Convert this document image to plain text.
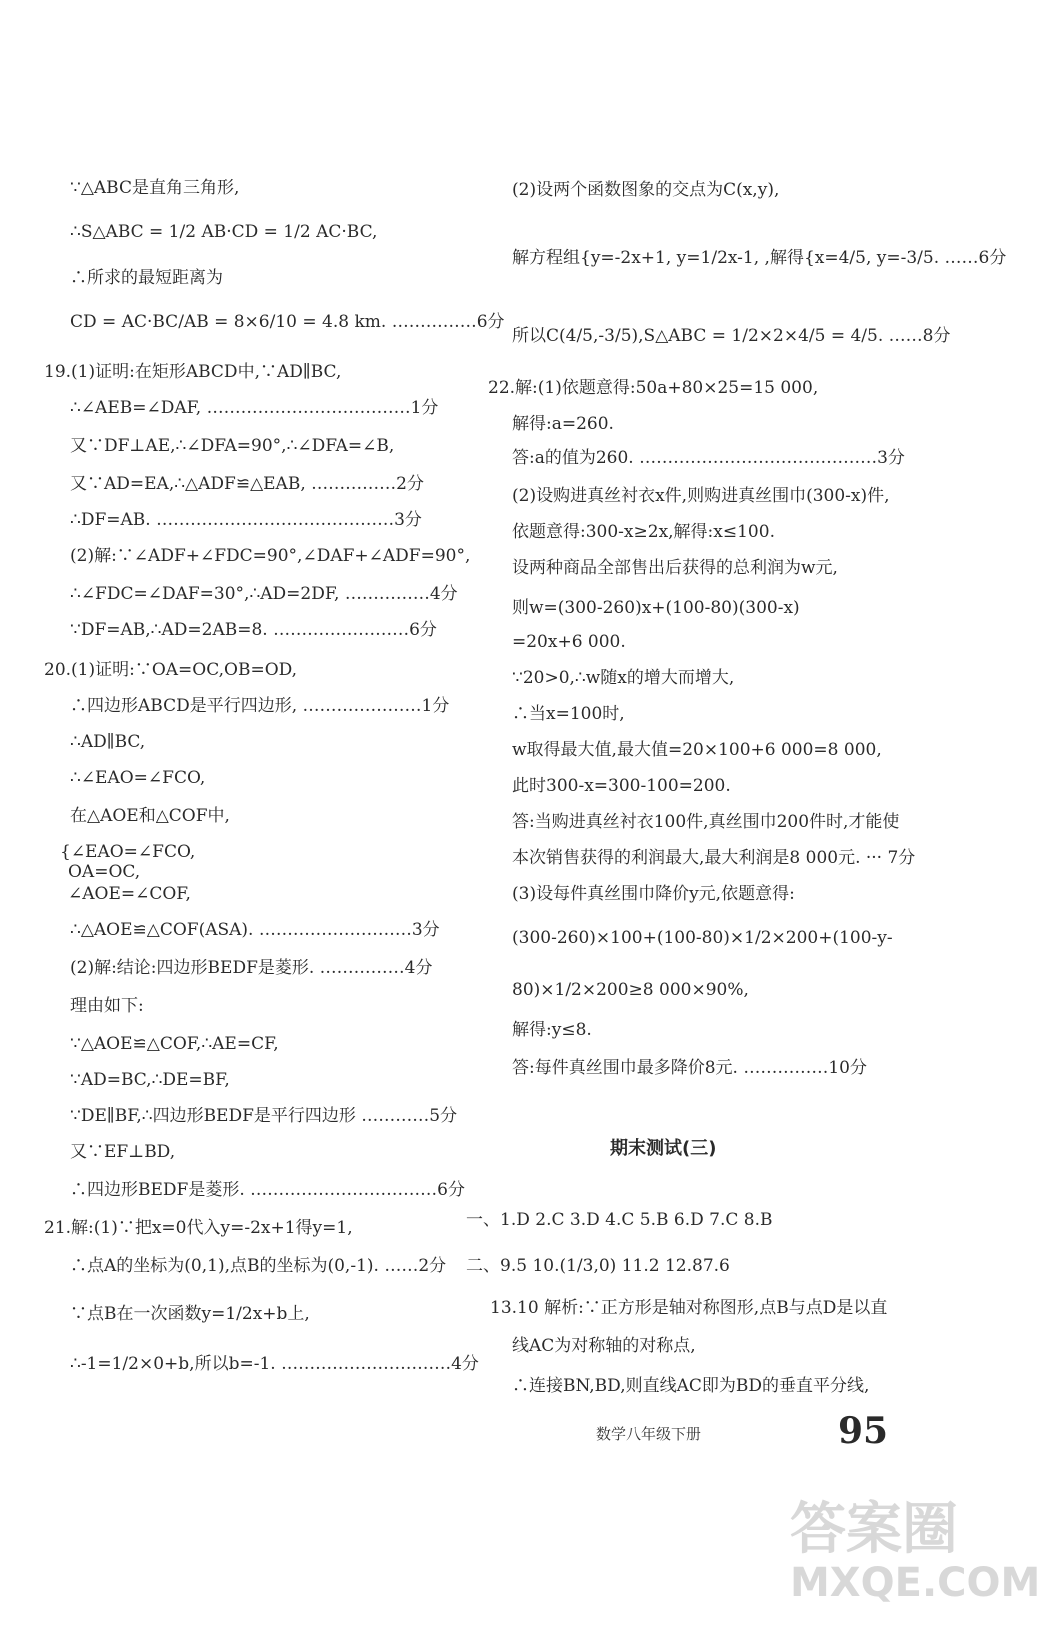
∵△ABC是直角三角形,
∴S△ABC = 1/2 AB·CD = 1/2 AC·BC,
∴所求的最短距离为
CD = AC·BC/AB = 8×6/10 = 4.8 km. ……………6分
19.(1)证明:在矩形ABCD中,∵AD∥BC,
∴∠AEB=∠DAF, ………………………………1分
又∵DF⊥AE,∴∠DFA=90°,∴∠DFA=∠B,
又∵AD=EA,∴△ADF≌△EAB, ……………2分
∴DF=AB. ……………………………………3分
(2)解:∵∠ADF+∠FDC=90°,∠DAF+∠ADF=90°,
∴∠FDC=∠DAF=30°,∴AD=2DF, ……………4分
∵DF=AB,∴AD=2AB=8. ……………………6分
20.(1)证明:∵OA=OC,OB=OD,
∴四边形ABCD是平行四边形, …………………1分
∴AD∥BC,
∴∠EAO=∠FCO,
在△AOE和△COF中,
{∠EAO=∠FCO,
OA=OC,
∠AOE=∠COF,
∴△AOE≌△COF(ASA). ………………………3分
(2)解:结论:四边形BEDF是菱形. ……………4分
理由如下:
∵△AOE≌△COF,∴AE=CF,
∵AD=BC,∴DE=BF,
∵DE∥BF,∴四边形BEDF是平行四边形 …………5分
又∵EF⊥BD,
∴四边形BEDF是菱形. ……………………………6分
21.解:(1)∵把x=0代入y=-2x+1得y=1,
∴点A的坐标为(0,1),点B的坐标为(0,-1). ……2分
∵点B在一次函数y=1/2x+b上,
∴-1=1/2×0+b,所以b=-1. …………………………4分
(2)设两个函数图象的交点为C(x,y),
解方程组{y=-2x+1, y=1/2x-1, ,解得{x=4/5, y=-3/5. ……6分
所以C(4/5,-3/5),S△ABC = 1/2×2×4/5 = 4/5. ……8分
22.解:(1)依题意得:50a+80×25=15 000,
解得:a=260.
答:a的值为260. ……………………………………3分
(2)设购进真丝衬衣x件,则购进真丝围巾(300-x)件,
依题意得:300-x≥2x,解得:x≤100.
设两种商品全部售出后获得的总利润为w元,
则w=(300-260)x+(100-80)(300-x)
=20x+6 000.
∵20>0,∴w随x的增大而增大,
∴当x=100时,
w取得最大值,最大值=20×100+6 000=8 000,
此时300-x=300-100=200.
答:当购进真丝衬衣100件,真丝围巾200件时,才能使
本次销售获得的利润最大,最大利润是8 000元. ··· 7分
(3)设每件真丝围巾降价y元,依题意得:
(300-260)×100+(100-80)×1/2×200+(100-y-
80)×1/2×200≥8 000×90%,
解得:y≤8.
答:每件真丝围巾最多降价8元. ……………10分
一、1.D 2.C 3.D 4.C 5.B 6.D 7.C 8.B
二、9.5 10.(1/3,0) 11.2 12.87.6
13.10 解析:∵正方形是轴对称图形,点B与点D是以直
线AC为对称轴的对称点,
∴连接BN,BD,则直线AC即为BD的垂直平分线,
期末测试(三)
数学八年级下册	95
答案圈
MXQE.COM
